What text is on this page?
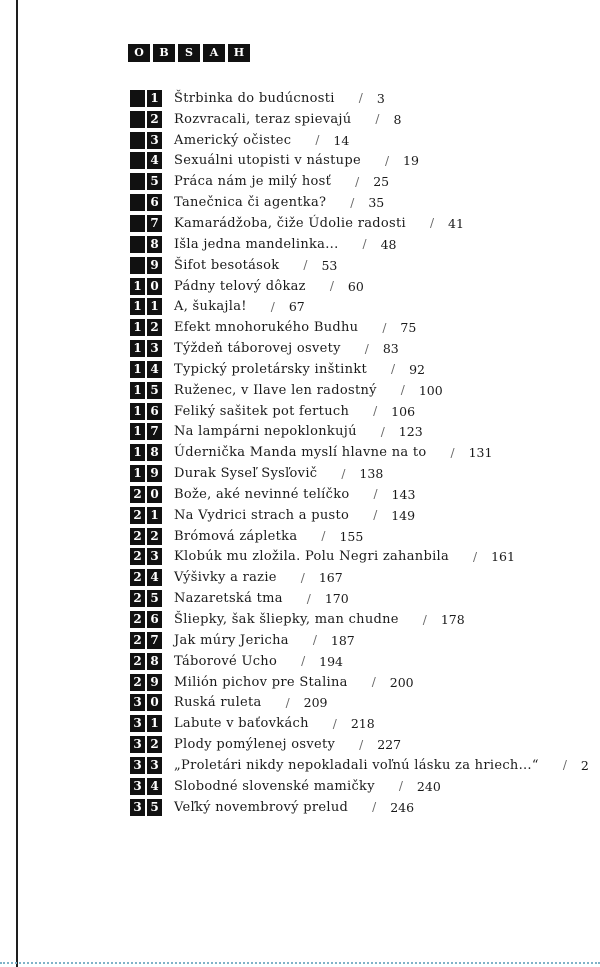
O	B	S	A	H
1 Štrbinka do budúcnosti / 3
2 Rozvracali, teraz spievajú / 8
3 Americký očistec / 14
4 Sexuálni utopisti v nástupe / 19
5 Práca nám je milý hosť / 25
6 Tanečnica či agentka? / 35
7 Kamarádžoba, čiže Údolie radosti / 41
8 Išla jedna mandelinka... / 48
9 Šifot besotások / 53
1 0 Pádny telový dôkaz / 60
1 1 A, šukajla! / 67
1 2 Efekt mnohorukého Budhu / 75
1 3 Týždeň táborovej osvety / 83
1 4 Typický proletársky inštinkt / 92
1 5 Ruženec, v Ilave len radostný / 100
1 6 Feliký sašitek pot fertuch / 106
1 7 Na lampárni nepoklonkujú / 123
1 8 Údernička Manda myslí hlavne na to / 131
1 9 Durak Syseľ Sysľovič / 138
2 0 Bože, aké nevinné telíčko / 143
2 1 Na Vydrici strach a pusto / 149
2 2 Brómová zápletka / 155
2 3 Klobúk mu zložila. Polu Negri zahanbila / 161
2 4 Výšivky a razie / 167
2 5 Nazaretská tma / 170
2 6 Šliepky, šak šliepky, man chudne / 178
2 7 Jak múry Jericha / 187
2 8 Táborové Ucho / 194
2 9 Milión pichov pre Stalina / 200
3 0 Ruská ruleta / 209
3 1 Labute v baťovkách / 218
3 2 Plody pomýlenej osvety / 227
3 3 „Proletári nikdy nepokladali voľnú lásku za hriech...“ / 2
3 4 Slobodné slovenské mamičky / 240
3 5 Veľký novembrový prelud / 246
